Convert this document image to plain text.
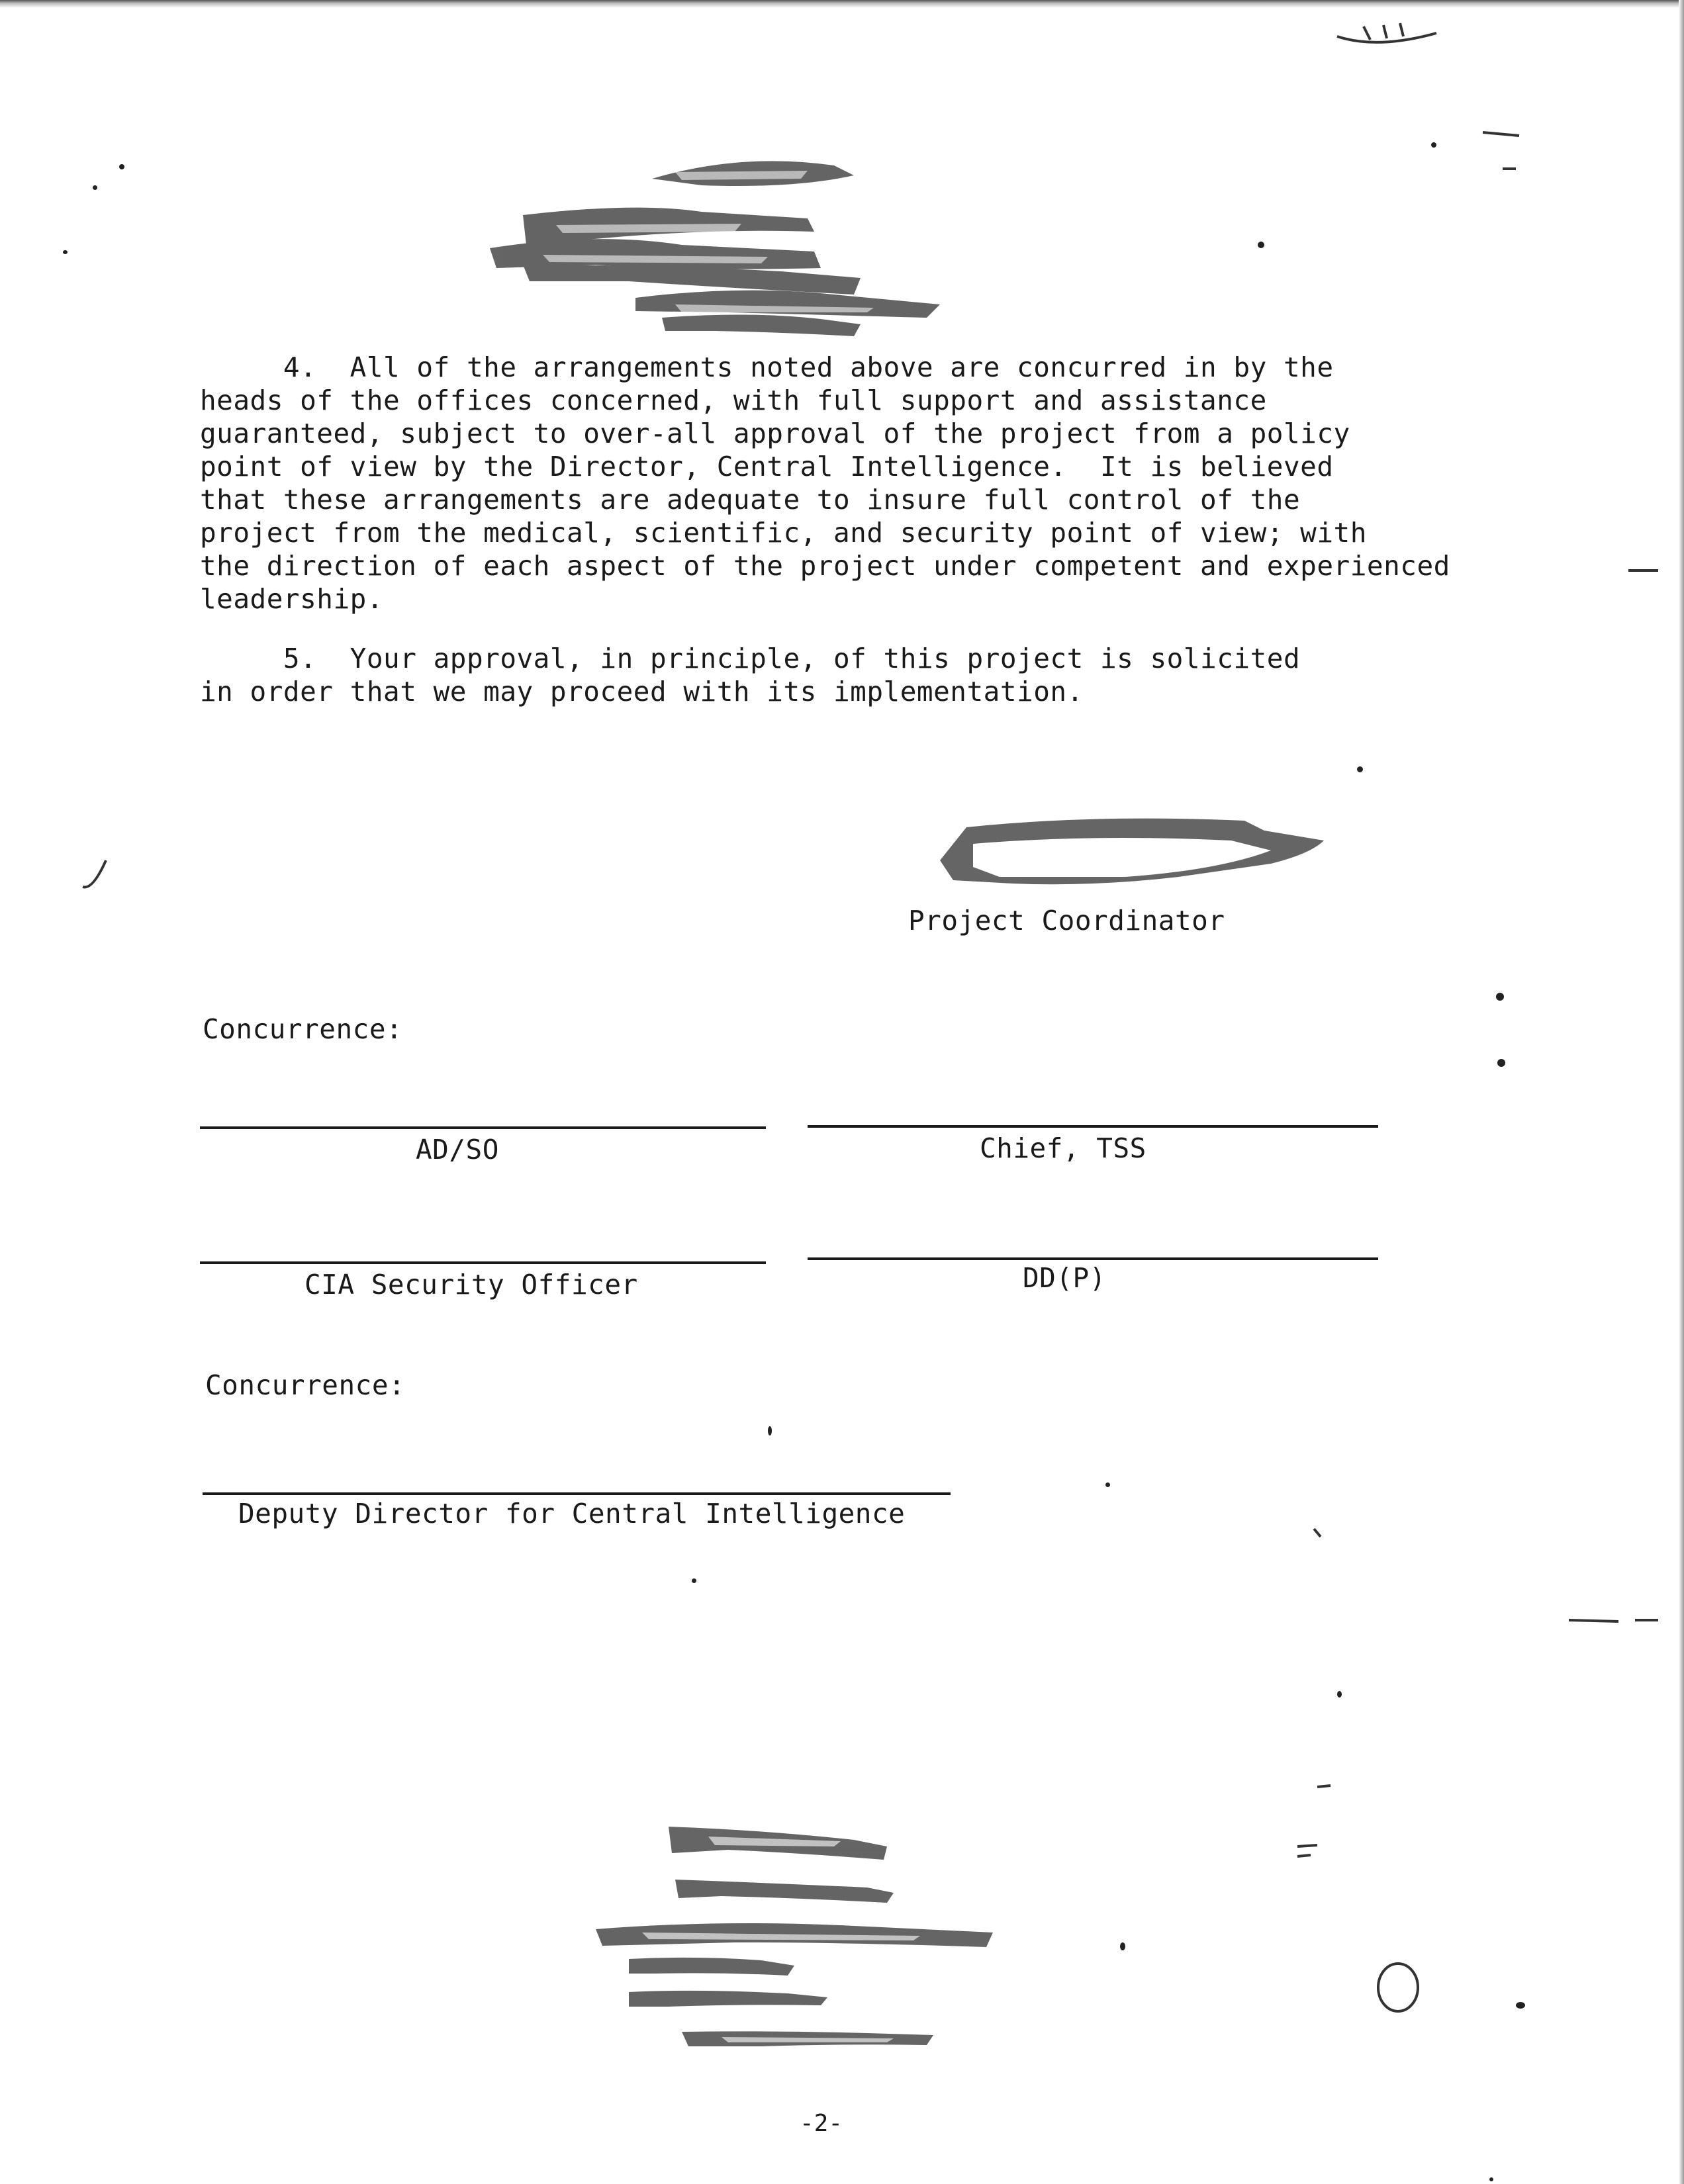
4.  All of the arrangements noted above are concurred in by the
heads of the offices concerned, with full support and assistance
guaranteed, subject to over-all approval of the project from a policy
point of view by the Director, Central Intelligence.  It is believed
that these arrangements are adequate to insure full control of the
project from the medical, scientific, and security point of view; with
the direction of each aspect of the project under competent and experienced
leadership.
5.  Your approval, in principle, of this project is solicited
in order that we may proceed with its implementation.
Project Coordinator
Concurrence:
AD/SO	Chief, TSS
CIA Security Officer	DD(P)
Concurrence:
Deputy Director for Central Intelligence
-2-
